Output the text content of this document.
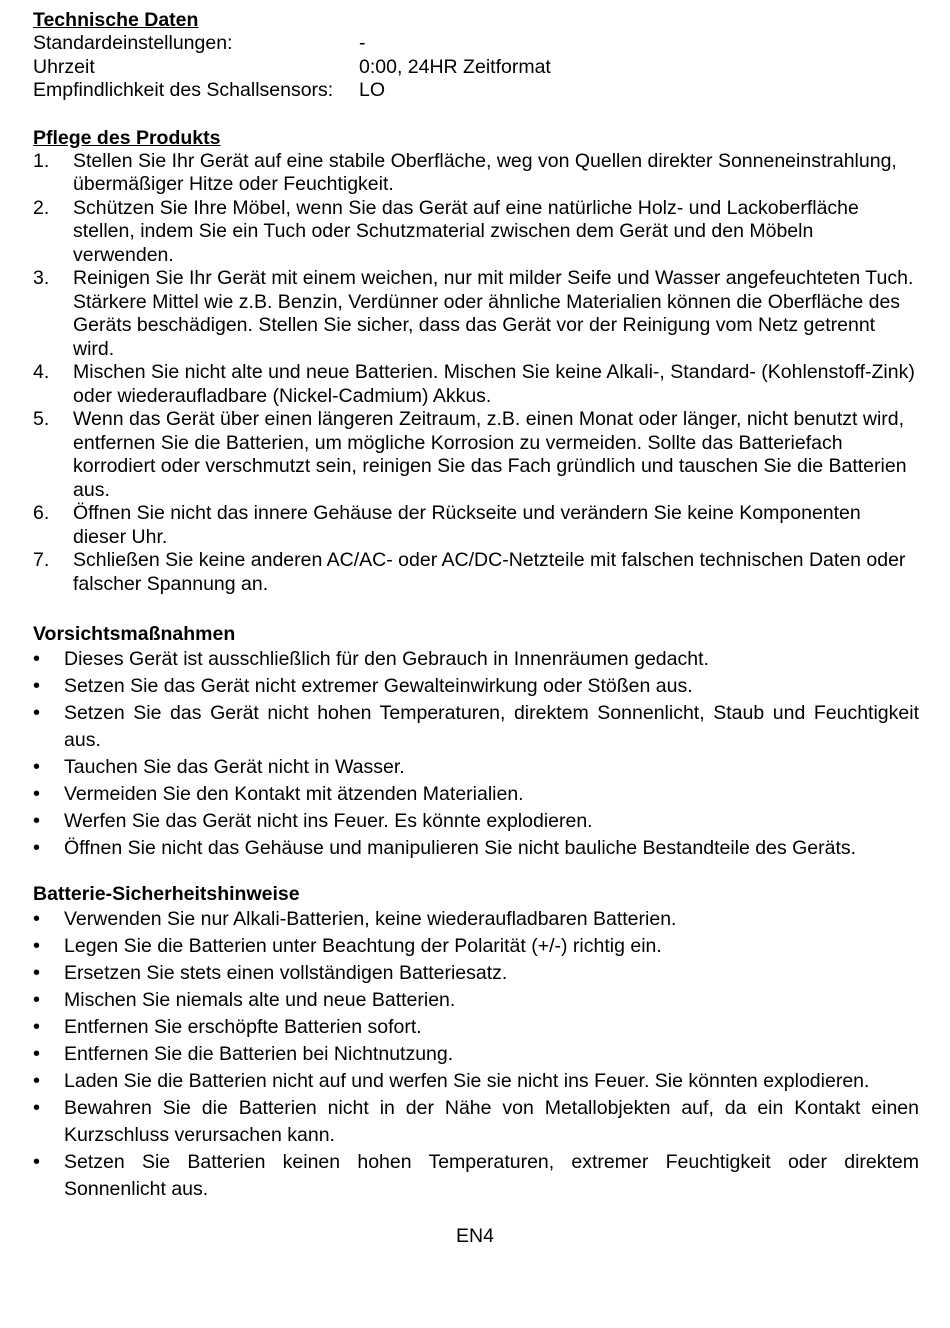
Technische Daten
Standardeinstellungen:	-
Uhrzeit	0:00, 24HR Zeitformat
Empfindlichkeit des Schallsensors:	LO
Pflege des Produkts
1.	Stellen Sie Ihr Gerät auf eine stabile Oberfläche, weg von Quellen direkter Sonneneinstrahlung, übermäßiger Hitze oder Feuchtigkeit.
2.	Schützen Sie Ihre Möbel, wenn Sie das Gerät auf eine natürliche Holz- und Lackoberfläche stellen, indem Sie ein Tuch oder Schutzmaterial zwischen dem Gerät und den Möbeln verwenden.
3.	Reinigen Sie Ihr Gerät mit einem weichen, nur mit milder Seife und Wasser angefeuchteten Tuch. Stärkere Mittel wie z.B. Benzin, Verdünner oder ähnliche Materialien können die Oberfläche des Geräts beschädigen. Stellen Sie sicher, dass das Gerät vor der Reinigung vom Netz getrennt wird.
4.	Mischen Sie nicht alte und neue Batterien. Mischen Sie keine Alkali-, Standard- (Kohlenstoff-Zink) oder wiederaufladbare (Nickel-Cadmium) Akkus.
5.	Wenn das Gerät über einen längeren Zeitraum, z.B. einen Monat oder länger, nicht benutzt wird, entfernen Sie die Batterien, um mögliche Korrosion zu vermeiden. Sollte das Batteriefach korrodiert oder verschmutzt sein, reinigen Sie das Fach gründlich und tauschen Sie die Batterien aus.
6.	Öffnen Sie nicht das innere Gehäuse der Rückseite und verändern Sie keine Komponenten dieser Uhr.
7.	Schließen Sie keine anderen AC/AC- oder AC/DC-Netzteile mit falschen technischen Daten oder falscher Spannung an.
Vorsichtsmaßnahmen
•	Dieses Gerät ist ausschließlich für den Gebrauch in Innenräumen gedacht.
•	Setzen Sie das Gerät nicht extremer Gewalteinwirkung oder Stößen aus.
•	Setzen Sie das Gerät nicht hohen Temperaturen, direktem Sonnenlicht, Staub und Feuchtigkeit aus.
•	Tauchen Sie das Gerät nicht in Wasser.
•	Vermeiden Sie den Kontakt mit ätzenden Materialien.
•	Werfen Sie das Gerät nicht ins Feuer. Es könnte explodieren.
•	Öffnen Sie nicht das Gehäuse und manipulieren Sie nicht bauliche Bestandteile des Geräts.
Batterie-Sicherheitshinweise
•	Verwenden Sie nur Alkali-Batterien, keine wiederaufladbaren Batterien.
•	Legen Sie die Batterien unter Beachtung der Polarität (+/-) richtig ein.
•	Ersetzen Sie stets einen vollständigen Batteriesatz.
•	Mischen Sie niemals alte und neue Batterien.
•	Entfernen Sie erschöpfte Batterien sofort.
•	Entfernen Sie die Batterien bei Nichtnutzung.
•	Laden Sie die Batterien nicht auf und werfen Sie sie nicht ins Feuer. Sie könnten explodieren.
•	Bewahren Sie die Batterien nicht in der Nähe von Metallobjekten auf, da ein Kontakt einen Kurzschluss verursachen kann.
•	Setzen Sie Batterien keinen hohen Temperaturen, extremer Feuchtigkeit oder direktem Sonnenlicht aus.
EN4
